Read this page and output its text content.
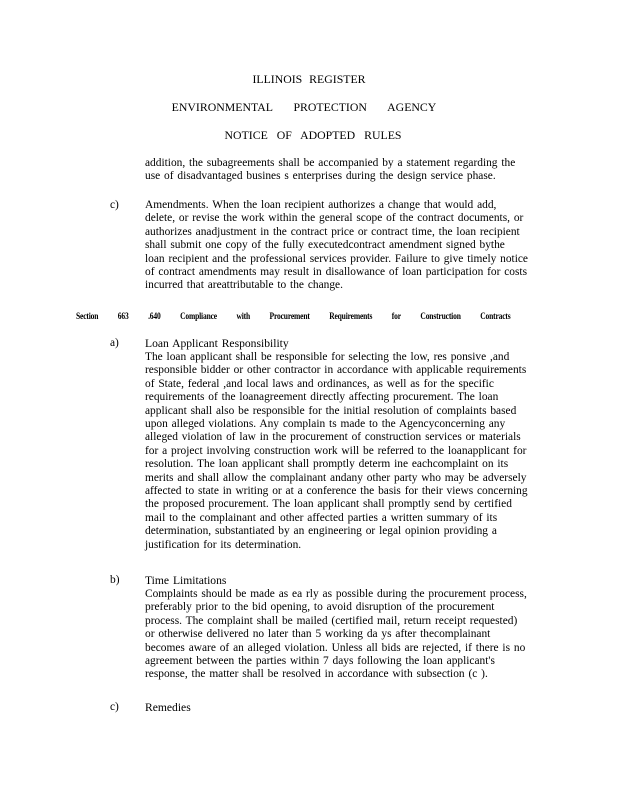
ILLINOIS REGISTER
ENVIRONMENTAL PROTECTION AGENCY
NOTICE OF ADOPTED RULES

addition, the subagreements shall be accompanied by a statement regarding the

use of disadvantaged busines s enterprises during the design service phase.

c) Amendments. When the loan recipient authorizes a change that would add,

delete, or revise the work within the general scope of the contract documents, or

authorizes anadjustment in the contract price or contract time, the loan recipient

shall submit one copy of the fully executedcontract amendment signed bythe

loan recipient and the professional services provider. Failure to give timely notice

of contract amendments may result in disallowance of loan participation for costs

incurred that areattributable to the change.

Section 663 .640 Compliance with Procurement Requirements for Construction Contracts
a) Loan Applicant Responsibility

The loan applicant shall be responsible for selecting the low, res ponsive ,and

responsible bidder or other contractor in accordance with applicable requirements

of State, federal ,and local laws and ordinances, as well as for the specific

requirements of the loanagreement directly affecting procurement. The loan

applicant shall also be responsible for the initial resolution of complaints based

upon alleged violations. Any complain ts made to the Agencyconcerning any

alleged violation of law in the procurement of construction services or materials

for a project involving construction work will be referred to the loanapplicant for

resolution. The loan applicant shall promptly determ ine eachcomplaint on its

merits and shall allow the complainant andany other party who may be adversely

affected to state in writing or at a conference the basis for their views concerning

the proposed procurement. The loan applicant shall promptly send by certified

mail to the complainant and other affected parties a written summary of its

determination, substantiated by an engineering or legal opinion providing a

justification for its determination.

b) Time Limitations

Complaints should be made as ea rly as possible during the procurement process,

preferably prior to the bid opening, to avoid disruption of the procurement

process. The complaint shall be mailed (certified mail, return receipt requested)

or otherwise delivered no later than 5 working da ys after thecomplainant

becomes aware of an alleged violation. Unless all bids are rejected, if there is no

agreement between the parties within 7 days following the loan applicant's

response, the matter shall be resolved in accordance with subsection (c ).

c) Remedies
